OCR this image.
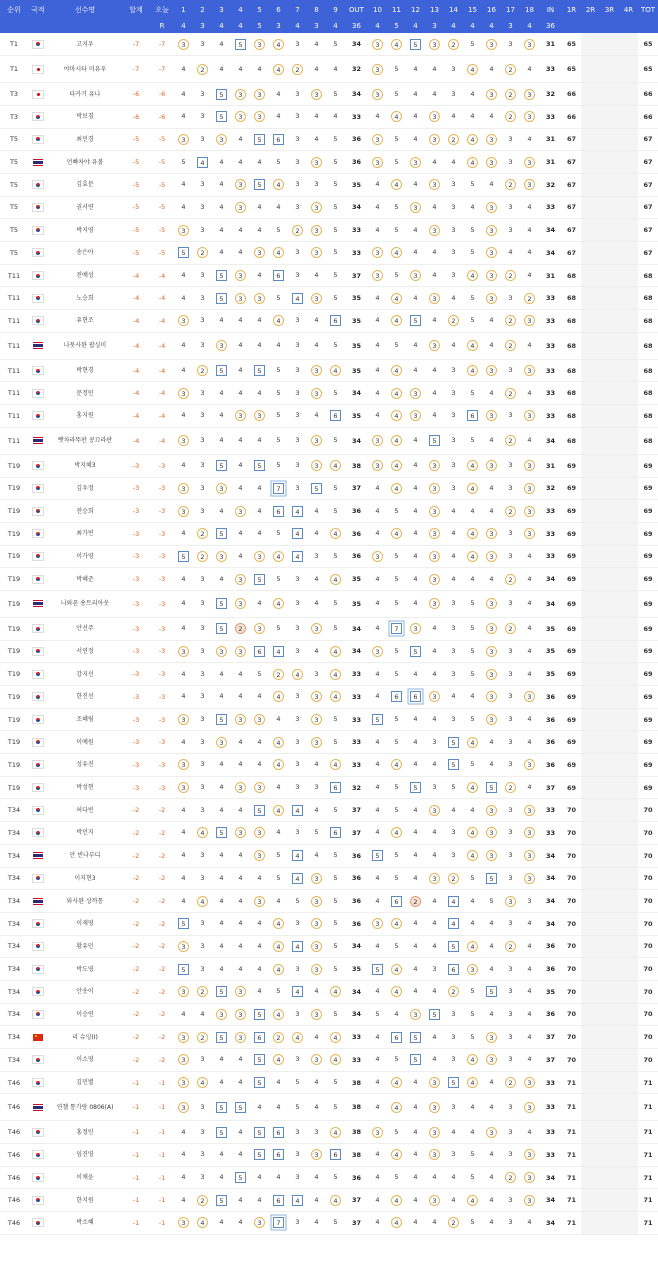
순위	국적	선수명	합계	오늘	1	2	3	4	5	6	7	8	9	OUT	10	11	12	13	14	15	16	17	18	IN	1R	2R	3R	4R	TOT
				R	4	3	4	4	5	3	4	3	4	36	4	5	4	3	4	4	4	3	4	36					
T1		고지우	-7	-7	3	3	4	5	3	4	3	4	5	34	3	4	5	3	2	5	3	3	3	31	65				65
T1		야마시타 미유우	-7	-7	4	2	4	4	4	4	2	4	4	32	3	5	4	4	3	4	4	2	4	33	65				65
T3		타카기 유나	-6	-6	4	3	5	3	3	4	3	3	5	34	3	5	4	4	3	4	3	2	3	32	66				66
T3		박보겸	-6	-6	4	3	5	3	3	4	3	4	4	33	4	4	4	3	4	4	4	2	3	33	66				66
T5		최민경	-5	-5	3	3	3	4	5	6	3	4	5	36	3	5	4	3	2	4	3	3	4	31	67				67
T5		언빠차야 유볼	-5	-5	5	4	4	4	4	5	3	3	5	36	3	5	3	4	4	4	3	3	3	31	67				67
T5		김효문	-5	-5	4	3	4	3	5	4	3	3	5	35	4	4	4	3	3	5	4	2	3	32	67				67
T5		권서연	-5	-5	4	3	4	3	4	4	3	3	5	34	4	5	3	4	3	4	3	3	4	33	67				67
T5		박지영	-5	-5	3	3	4	4	4	5	2	3	5	33	4	5	4	3	3	5	3	3	4	34	67				67
T5		송은아	-5	-5	5	2	4	4	3	4	3	3	5	33	3	4	4	4	3	5	3	4	4	34	67				67
T11		전예성	-4	-4	4	3	5	3	4	6	3	4	5	37	3	5	3	4	3	4	3	2	4	31	68				68
T11		노승희	-4	-4	4	3	5	3	3	5	4	3	5	35	4	4	4	3	4	5	3	3	2	33	68				68
T11		유현조	-4	-4	3	3	4	4	4	4	3	4	6	35	4	4	5	4	2	5	4	2	3	33	68				68
T11		나뭇사완 팝싱미	-4	-4	4	3	3	4	4	4	3	4	5	35	4	5	4	3	4	4	4	2	4	33	68				68
T11		박현경	-4	-4	4	2	5	4	5	5	3	3	4	35	4	4	4	4	3	4	3	3	3	33	68				68
T11		문정민	-4	-4	3	3	4	4	4	5	3	3	5	34	4	4	3	4	3	5	4	2	4	33	68				68
T11		홍지원	-4	-4	4	3	4	3	3	5	3	4	6	35	4	4	3	4	3	6	3	3	3	33	68				68
T11		빳차라뚜판 콩끄라판	-4	-4	3	3	4	4	4	5	3	3	5	34	3	4	4	5	3	5	4	2	4	34	68				68
T19		박지혜3	-3	-3	4	3	5	4	5	5	3	3	4	38	3	4	4	3	3	4	3	3	3	31	69				69
T19		김우정	-3	-3	3	3	3	4	4	7	3	5	5	37	4	4	4	3	3	4	4	3	3	32	69				69
T19		전승희	-3	-3	3	3	4	3	4	6	4	4	5	36	4	5	4	3	4	4	4	2	3	33	69				69
T19		최가빈	-3	-3	4	2	5	4	4	5	4	4	4	36	4	4	4	3	4	4	3	3	3	33	69				69
T19		이가영	-3	-3	5	2	3	4	3	4	4	3	5	36	3	5	4	3	4	4	3	3	4	33	69				69
T19		박혜준	-3	-3	4	3	4	3	5	5	3	4	4	35	4	5	4	3	4	4	4	2	4	34	69				69
T19		나와폰 숑트리아웃	-3	-3	4	3	5	3	4	4	3	4	5	35	4	5	4	3	3	5	3	3	4	34	69				69
T19		안선주	-3	-3	4	3	5	2	3	5	3	3	5	34	4	7	3	4	3	5	3	2	4	35	69				69
T19		서연정	-3	-3	3	3	3	3	6	4	3	4	4	34	3	5	5	4	3	5	3	3	4	35	69				69
T19		강지선	-3	-3	4	3	4	4	5	2	4	3	4	33	4	5	4	4	3	5	3	3	4	35	69				69
T19		한진선	-3	-3	4	3	4	4	4	4	3	3	4	33	4	6	6	3	4	4	3	3	3	36	69				69
T19		조혜림	-3	-3	3	3	5	3	3	4	3	3	5	33	5	5	4	4	3	5	3	3	4	36	69				69
T19		이예원	-3	-3	4	3	3	4	4	4	3	3	5	33	4	5	4	3	5	4	4	3	4	36	69				69
T19		성유진	-3	-3	3	3	4	4	4	4	3	4	4	33	4	4	4	4	5	5	4	3	3	36	69				69
T19		박성현	-3	-3	3	3	4	3	3	4	3	3	6	32	4	5	5	3	5	4	5	2	4	37	69				69
T34		허다빈	-2	-2	4	3	4	4	5	4	4	4	5	37	4	5	4	3	4	4	3	3	3	33	70				70
T34		박민지	-2	-2	4	4	5	3	3	4	3	5	6	37	4	4	4	4	3	4	3	3	3	33	70				70
T34		안 빈나부디	-2	-2	4	3	4	4	3	5	4	4	5	36	5	5	4	4	3	4	3	3	3	34	70				70
T34		이지현3	-2	-2	4	3	4	4	4	5	4	3	5	36	4	5	4	3	2	5	5	3	3	34	70				70
T34		와사완 상까통	-2	-2	4	4	4	4	3	4	5	3	5	36	4	6	2	4	4	4	5	3	3	34	70				70
T34		이제영	-2	-2	5	3	4	4	4	4	3	3	5	36	3	4	4	4	4	4	4	3	4	34	70				70
T34		황유민	-2	-2	3	3	4	4	4	4	4	3	5	34	4	5	4	4	5	4	4	2	4	36	70				70
T34		박도영	-2	-2	5	3	4	4	4	4	3	3	5	35	5	4	4	3	6	3	4	3	4	36	70				70
T34		안송이	-2	-2	3	2	5	3	4	5	4	4	4	34	4	4	4	4	2	5	5	3	4	35	70				70
T34		이승연	-2	-2	4	4	3	3	5	4	3	3	5	34	5	4	3	5	3	5	4	3	4	36	70				70
T34		리 슈잉(I)	-2	-2	3	2	5	3	6	2	4	4	4	33	4	6	5	4	3	5	3	3	4	37	70				70
T34		이소영	-2	-2	3	3	4	4	5	4	3	3	4	33	4	5	5	4	3	4	3	3	4	37	70				70
T46		김민별	-1	-1	3	4	4	4	5	4	5	4	5	38	4	4	4	3	5	4	4	2	3	33	71				71
T46		연첼 통가랑 0806(A)	-1	-1	3	3	5	5	4	4	5	4	5	38	4	4	4	3	3	4	4	3	3	33	71				71
T46		홍정민	-1	-1	4	3	5	4	5	6	3	3	4	38	3	5	4	3	4	4	3	3	4	33	71				71
T46		임진영	-1	-1	4	3	4	4	5	6	3	3	6	38	4	4	4	3	3	5	4	3	3	33	71				71
T46		이채윤	-1	-1	4	3	4	5	4	4	3	4	5	36	4	5	4	4	4	5	4	2	3	34	71				71
T46		한지원	-1	-1	4	2	5	4	4	6	4	4	4	37	4	4	4	3	4	4	4	3	3	34	71				71
T46		박소혜	-1	-1	3	4	4	4	3	7	3	4	5	37	4	4	4	4	2	5	4	3	4	34	71				71
